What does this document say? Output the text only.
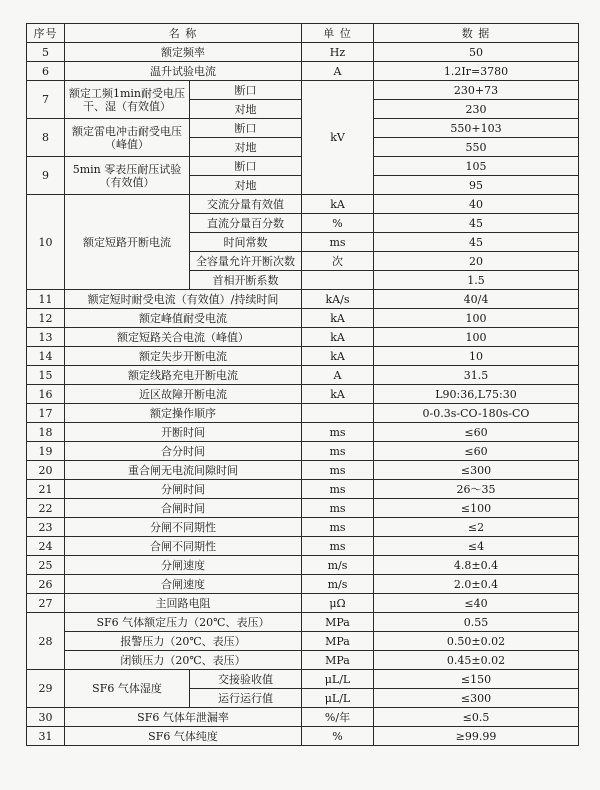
序号	名 称		单 位	数 据
5	额定频率		Hz	50
6	温升试验电流		A	1.2Ir=3780
7	额定工频1min耐受电压 干、湿（有效值）	断口	kV	230+73
		对地		230
8	额定雷电冲击耐受电压 （峰值）	断口		550+103
		对地		550
9	5min 零表压耐压试验 （有效值）	断口		105
		对地		95
10	额定短路开断电流	交流分量有效值	kA	40
		直流分量百分数	%	45
		时间常数	ms	45
		全容量允许开断次数	次	20
		首相开断系数		1.5
11	额定短时耐受电流（有效值）/持续时间		kA/s	40/4
12	额定峰值耐受电流		kA	100
13	额定短路关合电流（峰值）		kA	100
14	额定失步开断电流		kA	10
15	额定线路充电开断电流		A	31.5
16	近区故障开断电流		kA	L90:36,L75:30
17	额定操作顺序			0-0.3s-CO-180s-CO
18	开断时间		ms	≤60
19	合分时间		ms	≤60
20	重合闸无电流间隙时间		ms	≤300
21	分闸时间		ms	26～35
22	合闸时间		ms	≤100
23	分闸不同期性		ms	≤2
24	合闸不同期性		ms	≤4
25	分闸速度		m/s	4.8±0.4
26	合闸速度		m/s	2.0±0.4
27	主回路电阻		μΩ	≤40
28	SF6 气体额定压力（20℃、表压）		MPa	0.55
	报警压力（20℃、表压）		MPa	0.50±0.02
	闭锁压力（20℃、表压）		MPa	0.45±0.02
29	SF6 气体湿度	交接验收值	μL/L	≤150
		运行运行值	μL/L	≤300
30	SF6 气体年泄漏率		%/年	≤0.5
31	SF6 气体纯度		%	≥99.99
